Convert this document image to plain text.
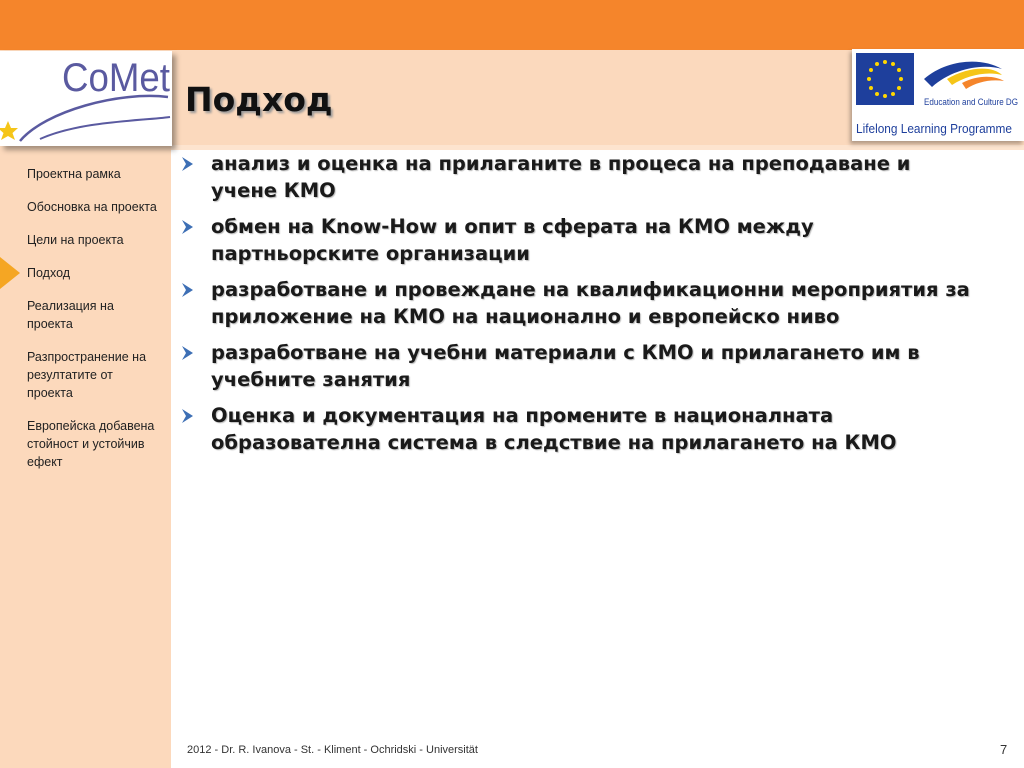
CoMet
Education and Culture DG
Lifelong Learning Programme
Подход
Проектна рамка
Обосновка на проекта
Цели на проекта
Подход
Реализация на проекта
Разпространение на резултатите от проекта
Европейска добавена стойност и устойчив ефект
анализ и оценка на прилаганите в процеса на преподаване и учене КМО
обмен на Know-How и опит в сферата на КМО между партньорските организации
разработване и провеждане на квалификационни мероприятия за приложение на КМО на национално и европейско ниво
разработване на учебни материали с КМО и прилагането им в учебните занятия
Оценка и документация на промените в националната образователна система в следствие на прилагането на КМО
2012 - Dr. R. Ivanova - St. - Kliment - Ochridski - Universität	7
